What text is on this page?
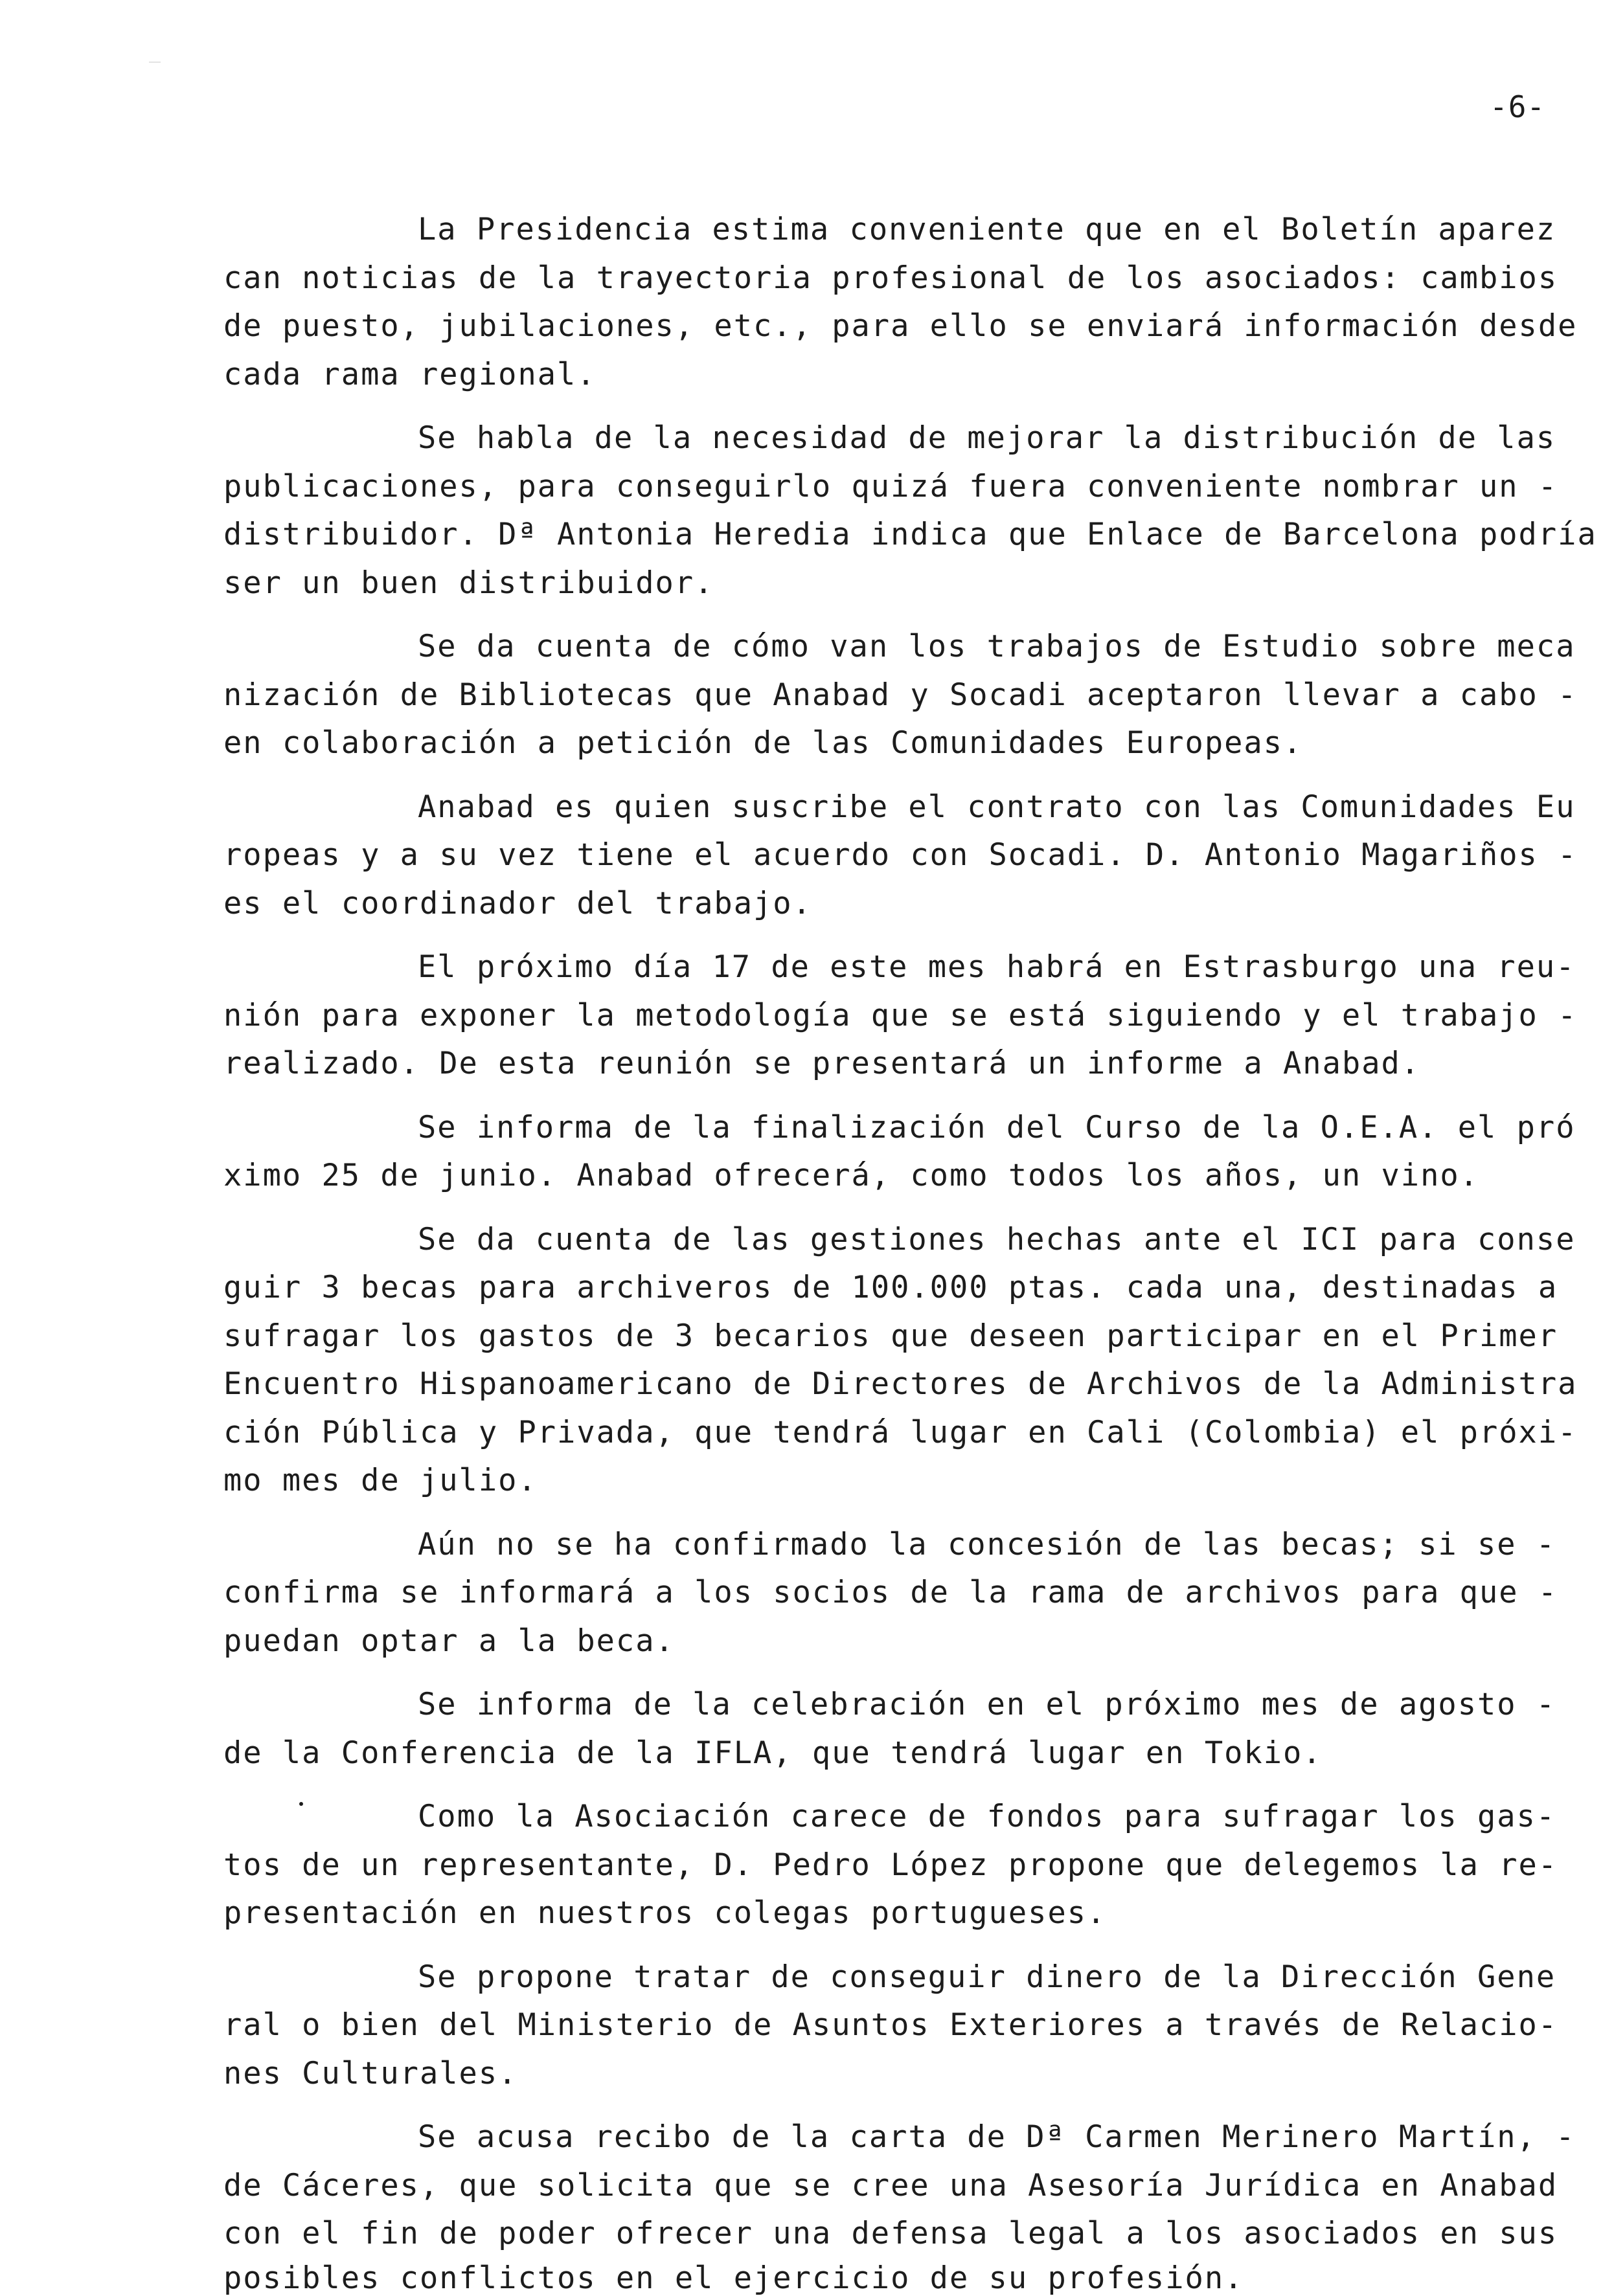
-6-
La Presidencia estima conveniente que en el Boletín aparez
can noticias de la trayectoria profesional de los asociados: cambios
de puesto, jubilaciones, etc., para ello se enviará información desde
cada rama regional.
Se habla de la necesidad de mejorar la distribución de las
publicaciones, para conseguirlo quizá fuera conveniente nombrar un -
distribuidor. Dª Antonia Heredia indica que Enlace de Barcelona podría
ser un buen distribuidor.
Se da cuenta de cómo van los trabajos de Estudio sobre meca
nización de Bibliotecas que Anabad y Socadi aceptaron llevar a cabo -
en colaboración a petición de las Comunidades Europeas.
Anabad es quien suscribe el contrato con las Comunidades Eu
ropeas y a su vez tiene el acuerdo con Socadi. D. Antonio Magariños -
es el coordinador del trabajo.
El próximo día 17 de este mes habrá en Estrasburgo una reu-
nión para exponer la metodología que se está siguiendo y el trabajo -
realizado. De esta reunión se presentará un informe a Anabad.
Se informa de la finalización del Curso de la O.E.A. el pró
ximo 25 de junio. Anabad ofrecerá, como todos los años, un vino.
Se da cuenta de las gestiones hechas ante el ICI para conse
guir 3 becas para archiveros de 100.000 ptas. cada una, destinadas a
sufragar los gastos de 3 becarios que deseen participar en el Primer
Encuentro Hispanoamericano de Directores de Archivos de la Administra
ción Pública y Privada, que tendrá lugar en Cali (Colombia) el próxi-
mo mes de julio.
Aún no se ha confirmado la concesión de las becas; si se -
confirma se informará a los socios de la rama de archivos para que -
puedan optar a la beca.
Se informa de la celebración en el próximo mes de agosto -
de la Conferencia de la IFLA, que tendrá lugar en Tokio.
Como la Asociación carece de fondos para sufragar los gas-
tos de un representante, D. Pedro López propone que delegemos la re-
presentación en nuestros colegas portugueses.
Se propone tratar de conseguir dinero de la Dirección Gene
ral o bien del Ministerio de Asuntos Exteriores a través de Relacio-
nes Culturales.
Se acusa recibo de la carta de Dª Carmen Merinero Martín, -
de Cáceres, que solicita que se cree una Asesoría Jurídica en Anabad
con el fin de poder ofrecer una defensa legal a los asociados en sus
posibles conflictos en el ejercicio de su profesión.
